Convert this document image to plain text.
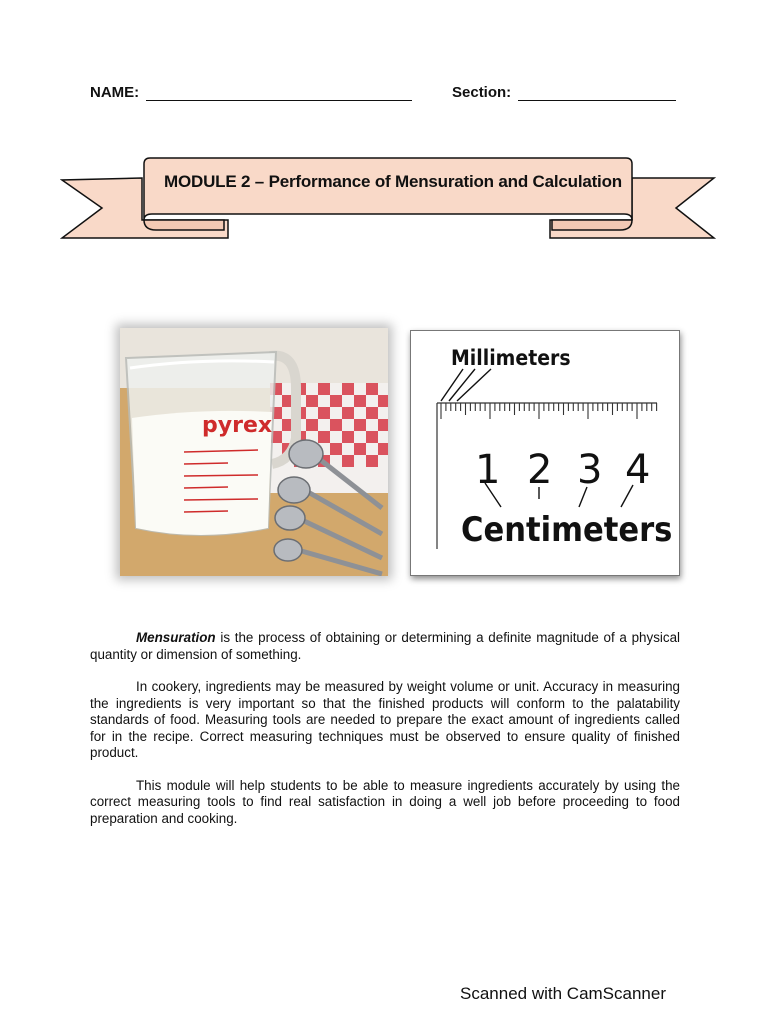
NAME:	Section:
MODULE 2 – Performance of Mensuration and Calculation
pyrex
Millimeters
1 2 3 4
Centimeters

Mensuration is the process of obtaining or determining a definite magnitude of a physical quantity or dimension of something.

In cookery, ingredients may be measured by weight volume or unit. Accuracy in measuring the ingredients is very important so that the finished products will conform to the palatability standards of food. Measuring tools are needed to prepare the exact amount of ingredients called for in the recipe. Correct measuring techniques must be observed to ensure quality of finished product.

This module will help students to be able to measure ingredients accurately by using the correct measuring tools to find real satisfaction in doing a well job before proceeding to food preparation and cooking.

Scanned with CamScanner
